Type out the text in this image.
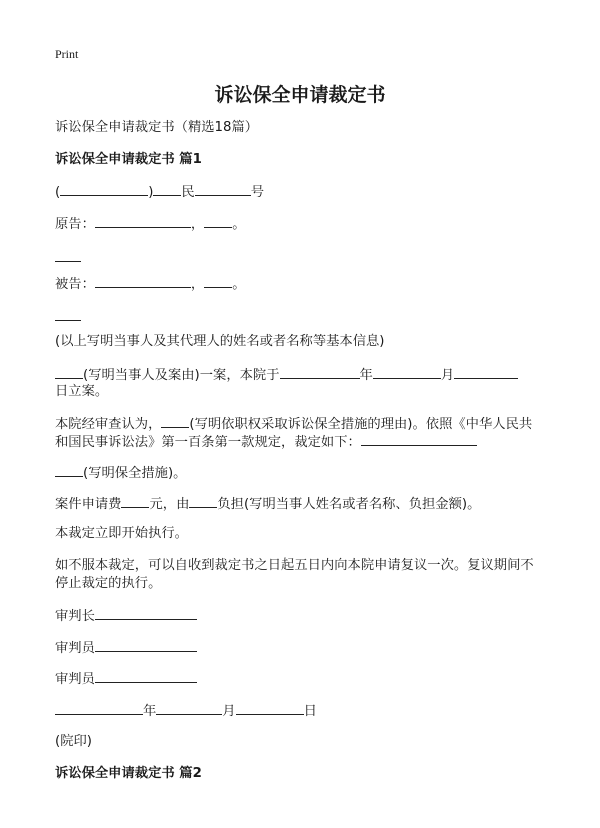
Print
诉讼保全申请裁定书
诉讼保全申请裁定书（精选18篇）
诉讼保全申请裁定书 篇1
(	) 民	号
原告：	， 。
被告：	， 。
(以上写明当事人及其代理人的姓名或者名称等基本信息)
(写明当事人及案由)一案，本院于	年	月
日立案。
本院经审查认为， (写明依职权采取诉讼保全措施的理由)。依照《中华人民共
和国民事诉讼法》第一百条第一款规定，裁定如下：
(写明保全措施)。
案件申请费 元，由 负担(写明当事人姓名或者名称、负担金额)。
本裁定立即开始执行。
如不服本裁定，可以自收到裁定书之日起五日内向本院申请复议一次。复议期间不
停止裁定的执行。
审判长
审判员
审判员
年	月	日
(院印)
诉讼保全申请裁定书 篇2
